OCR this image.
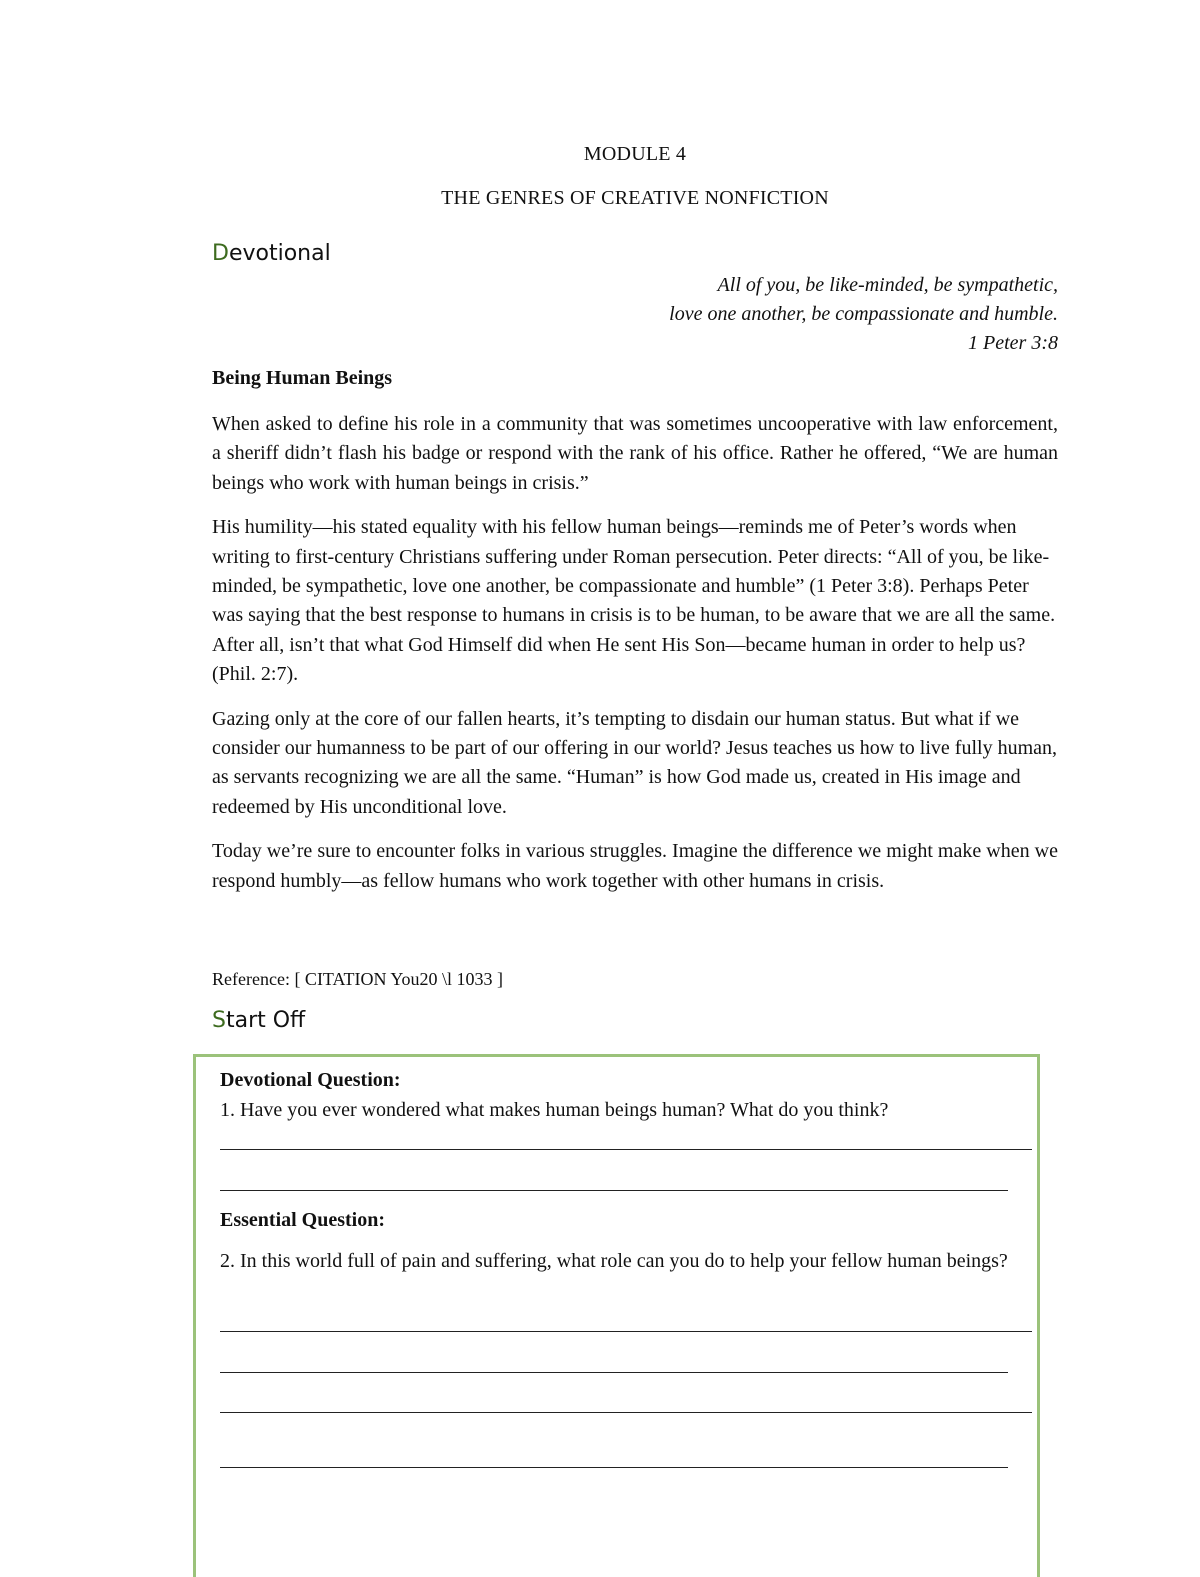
MODULE 4
THE GENRES OF CREATIVE NONFICTION
Devotional
All of you, be like-minded, be sympathetic,
love one another, be compassionate and humble.
1 Peter 3:8
Being Human Beings

When asked to define his role in a community that was sometimes uncooperative with law enforcement, a sheriff didn’t flash his badge or respond with the rank of his office. Rather he offered, “We are human beings who work with human beings in crisis.”

His humility—his stated equality with his fellow human beings—reminds me of Peter’s words when writing to first-century Christians suffering under Roman persecution. Peter directs: “All of you, be like-minded, be sympathetic, love one another, be compassionate and humble” (1 Peter 3:8). Perhaps Peter was saying that the best response to humans in crisis is to be human, to be aware that we are all the same. After all, isn’t that what God Himself did when He sent His Son—became human in order to help us? (Phil. 2:7).

Gazing only at the core of our fallen hearts, it’s tempting to disdain our human status. But what if we consider our humanness to be part of our offering in our world? Jesus teaches us how to live fully human, as servants recognizing we are all the same. “Human” is how God made us, created in His image and redeemed by His unconditional love.

Today we’re sure to encounter folks in various struggles. Imagine the difference we might make when we respond humbly—as fellow humans who work together with other humans in crisis.

Reference: [ CITATION You20 \l 1033 ]
Start Off
Devotional Question:
1. Have you ever wondered what makes human beings human? What do you think?
Essential Question:
2. In this world full of pain and suffering, what role can you do to help your fellow human beings?
